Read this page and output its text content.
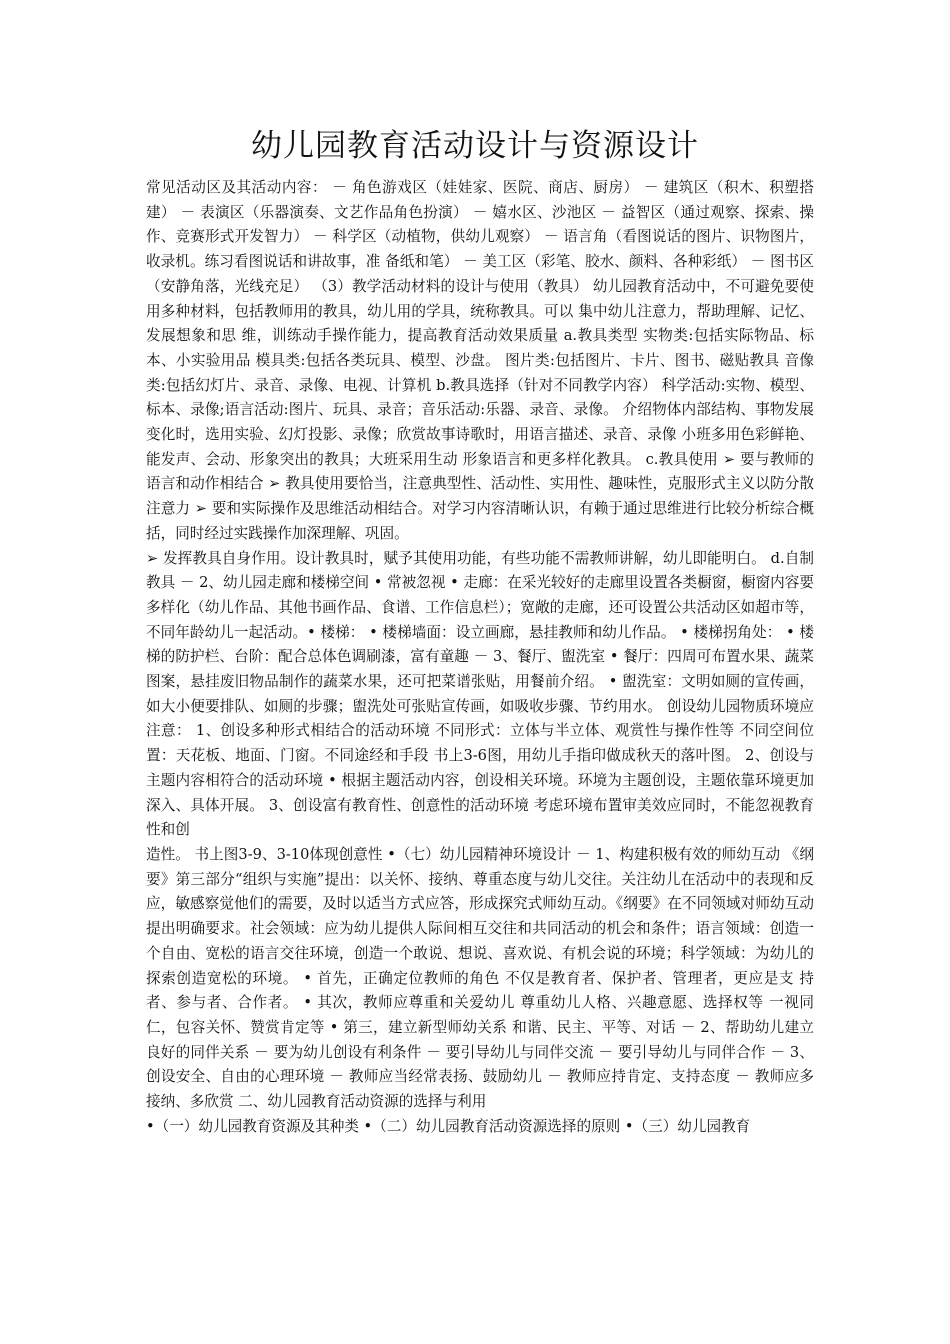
幼儿园教育活动设计与资源设计

常见活动区及其活动内容： － 角色游戏区（娃娃家、医院、商店、厨房） － 建筑区（积木、积塑搭建） － 表演区（乐器演奏、文艺作品角色扮演） － 嬉水区、沙池区 － 益智区（通过观察、探索、操作、竞赛形式开发智力） － 科学区（动植物，供幼儿观察） － 语言角（看图说话的图片、识物图片，收录机。练习看图说话和讲故事，准 备纸和笔） － 美工区（彩笔、胶水、颜料、各种彩纸） － 图书区（安静角落，光线充足） （3）教学活动材料的设计与使用（教具） 幼儿园教育活动中，不可避免要使用多种材料，包括教师用的教具，幼儿用的学具，统称教具。可以 集中幼儿注意力，帮助理解、记忆、发展想象和思 维，训练动手操作能力，提高教育活动效果质量 a.教具类型 实物类:包括实际物品、标本、小实验用品 模具类:包括各类玩具、模型、沙盘。 图片类:包括图片、卡片、图书、磁贴教具 音像类:包括幻灯片、录音、录像、电视、计算机 b.教具选择（针对不同教学内容） 科学活动:实物、模型、标本、录像;语言活动:图片、玩具、录音；音乐活动:乐器、录音、录像。 介绍物体内部结构、事物发展变化时，选用实验、幻灯投影、录像；欣赏故事诗歌时，用语言描述、录音、录像 小班多用色彩鲜艳、能发声、会动、形象突出的教具；大班采用生动 形象语言和更多样化教具。 c.教具使用 ➢ 要与教师的语言和动作相结合 ➢ 教具使用要恰当，注意典型性、活动性、实用性、趣味性，克服形式主义以防分散注意力 ➢ 要和实际操作及思维活动相结合。对学习内容清晰认识，有赖于通过思维进行比较分析综合概括，同时经过实践操作加深理解、巩固。

➢ 发挥教具自身作用。设计教具时，赋予其使用功能，有些功能不需教师讲解，幼儿即能明白。 d.自制教具 － 2、幼儿园走廊和楼梯空间 • 常被忽视 • 走廊：在采光较好的走廊里设置各类橱窗，橱窗内容要多样化（幼儿作品、其他书画作品、食谱、工作信息栏）；宽敞的走廊，还可设置公共活动区如超市等，不同年龄幼儿一起活动。• 楼梯： • 楼梯墙面：设立画廊，悬挂教师和幼儿作品。 • 楼梯拐角处： • 楼梯的防护栏、台阶：配合总体色调刷漆，富有童趣 － 3、餐厅、盥洗室 • 餐厅：四周可布置水果、蔬菜图案，悬挂废旧物品制作的蔬菜水果，还可把菜谱张贴，用餐前介绍。 • 盥洗室：文明如厕的宣传画，如大小便要排队、如厕的步骤；盥洗处可张贴宣传画，如吸收步骤、节约用水。 创设幼儿园物质环境应注意： 1、创设多种形式相结合的活动环境 不同形式：立体与半立体、观赏性与操作性等 不同空间位置：天花板、地面、门窗。不同途经和手段 书上3-6图，用幼儿手指印做成秋天的落叶图。 2、创设与主题内容相符合的活动环境 • 根据主题活动内容，创设相关环境。环境为主题创设，主题依靠环境更加深入、具体开展。 3、创设富有教育性、创意性的活动环境 考虑环境布置审美效应同时，不能忽视教育性和创

造性。 书上图3-9、3-10体现创意性 •（七）幼儿园精神环境设计 － 1、构建积极有效的师幼互动 《纲要》第三部分“组织与实施”提出：以关怀、接纳、尊重态度与幼儿交往。关注幼儿在活动中的表现和反应，敏感察觉他们的需要，及时以适当方式应答，形成探究式师幼互动。《纲要》在不同领域对师幼互动提出明确要求。社会领域：应为幼儿提供人际间相互交往和共同活动的机会和条件；语言领域：创造一个自由、宽松的语言交往环境，创造一个敢说、想说、喜欢说、有机会说的环境；科学领域：为幼儿的探索创造宽松的环境。 • 首先，正确定位教师的角色 不仅是教育者、保护者、管理者，更应是支 持者、参与者、合作者。 • 其次，教师应尊重和关爱幼儿 尊重幼儿人格、兴趣意愿、选择权等 一视同仁，包容关怀、赞赏肯定等 • 第三，建立新型师幼关系 和谐、民主、平等、对话 － 2、帮助幼儿建立良好的同伴关系 － 要为幼儿创设有利条件 － 要引导幼儿与同伴交流 － 要引导幼儿与同伴合作 － 3、创设安全、自由的心理环境 － 教师应当经常表扬、鼓励幼儿 － 教师应持肯定、支持态度 － 教师应多接纳、多欣赏 二、幼儿园教育活动资源的选择与利用

•（一）幼儿园教育资源及其种类 •（二）幼儿园教育活动资源选择的原则 •（三）幼儿园教育
